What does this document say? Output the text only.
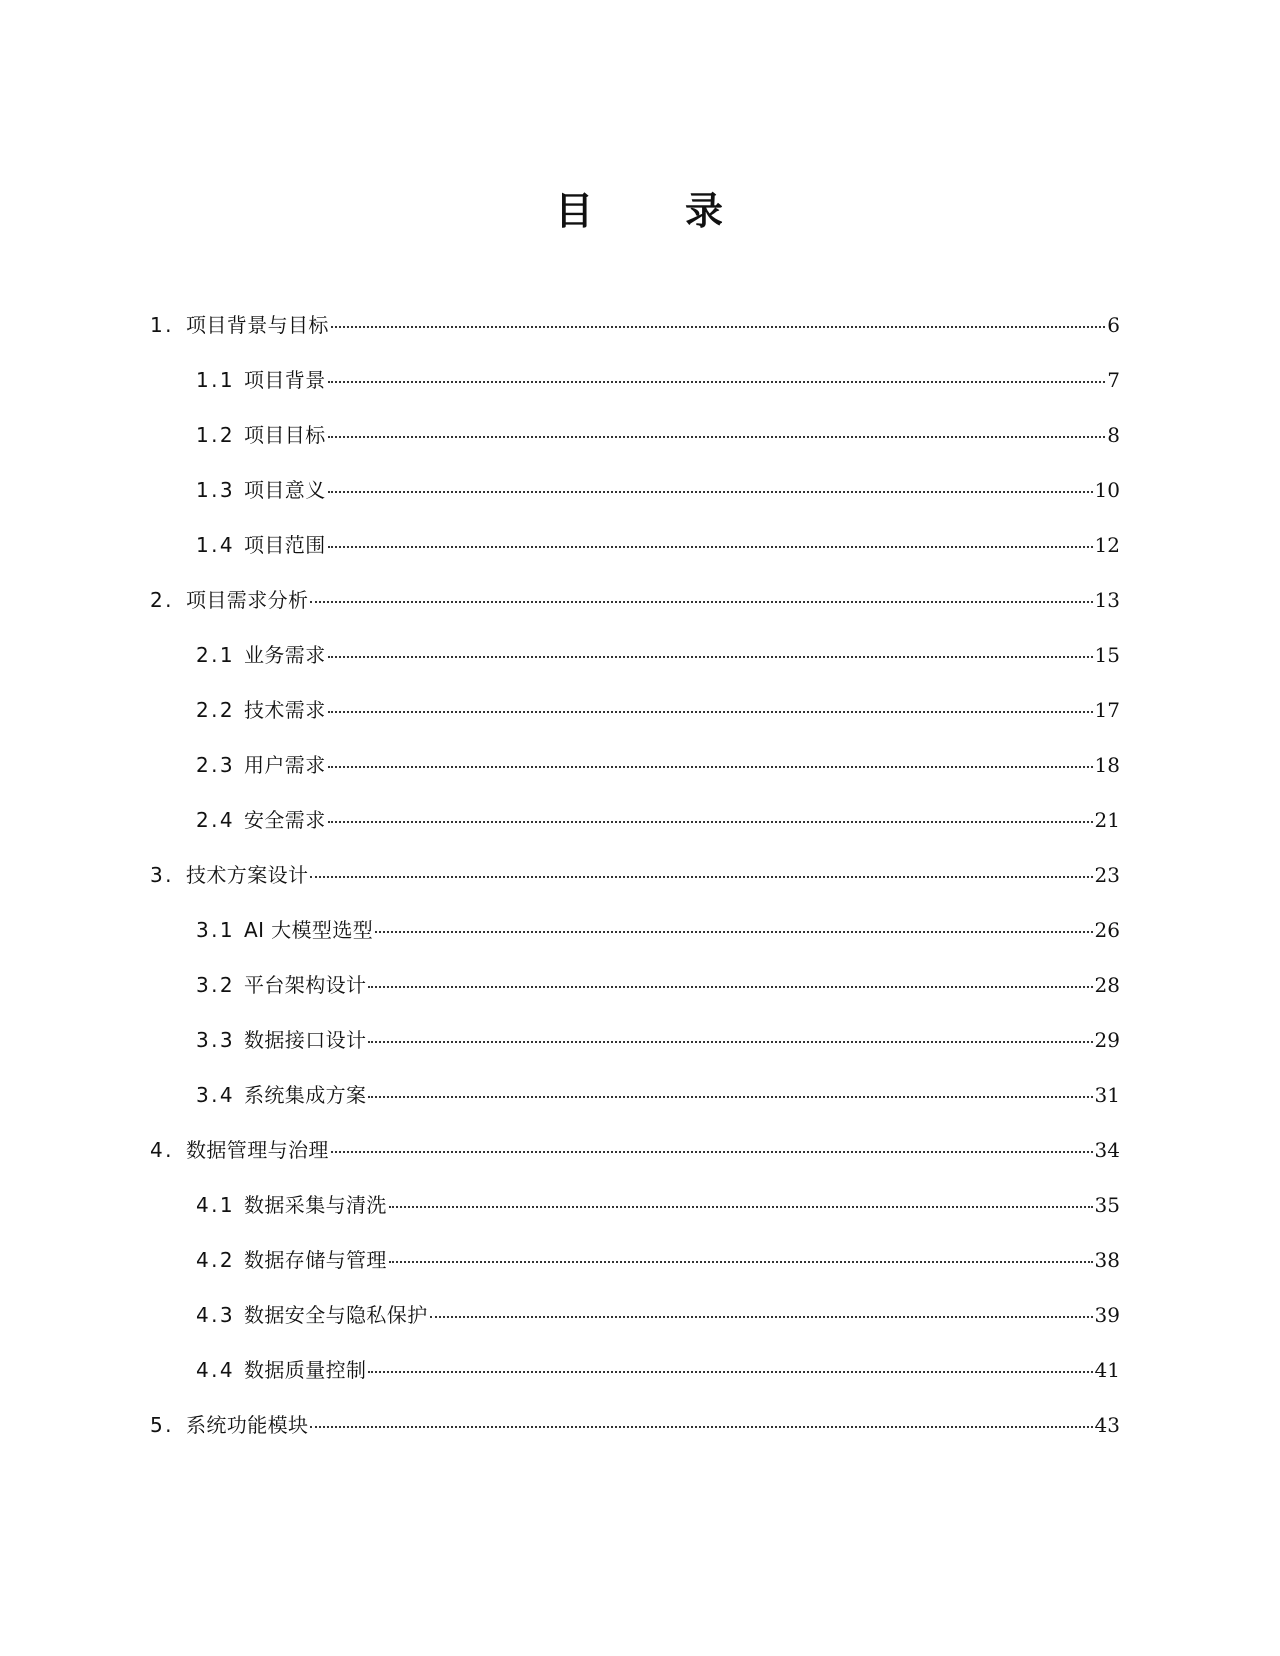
目 录
1. 项目背景与目标	6
1.1 项目背景	7
1.2 项目目标	8
1.3 项目意义	10
1.4 项目范围	12
2. 项目需求分析	13
2.1 业务需求	15
2.2 技术需求	17
2.3 用户需求	18
2.4 安全需求	21
3. 技术方案设计	23
3.1 AI 大模型选型	26
3.2 平台架构设计	28
3.3 数据接口设计	29
3.4 系统集成方案	31
4. 数据管理与治理	34
4.1 数据采集与清洗	35
4.2 数据存储与管理	38
4.3 数据安全与隐私保护	39
4.4 数据质量控制	41
5. 系统功能模块	43
